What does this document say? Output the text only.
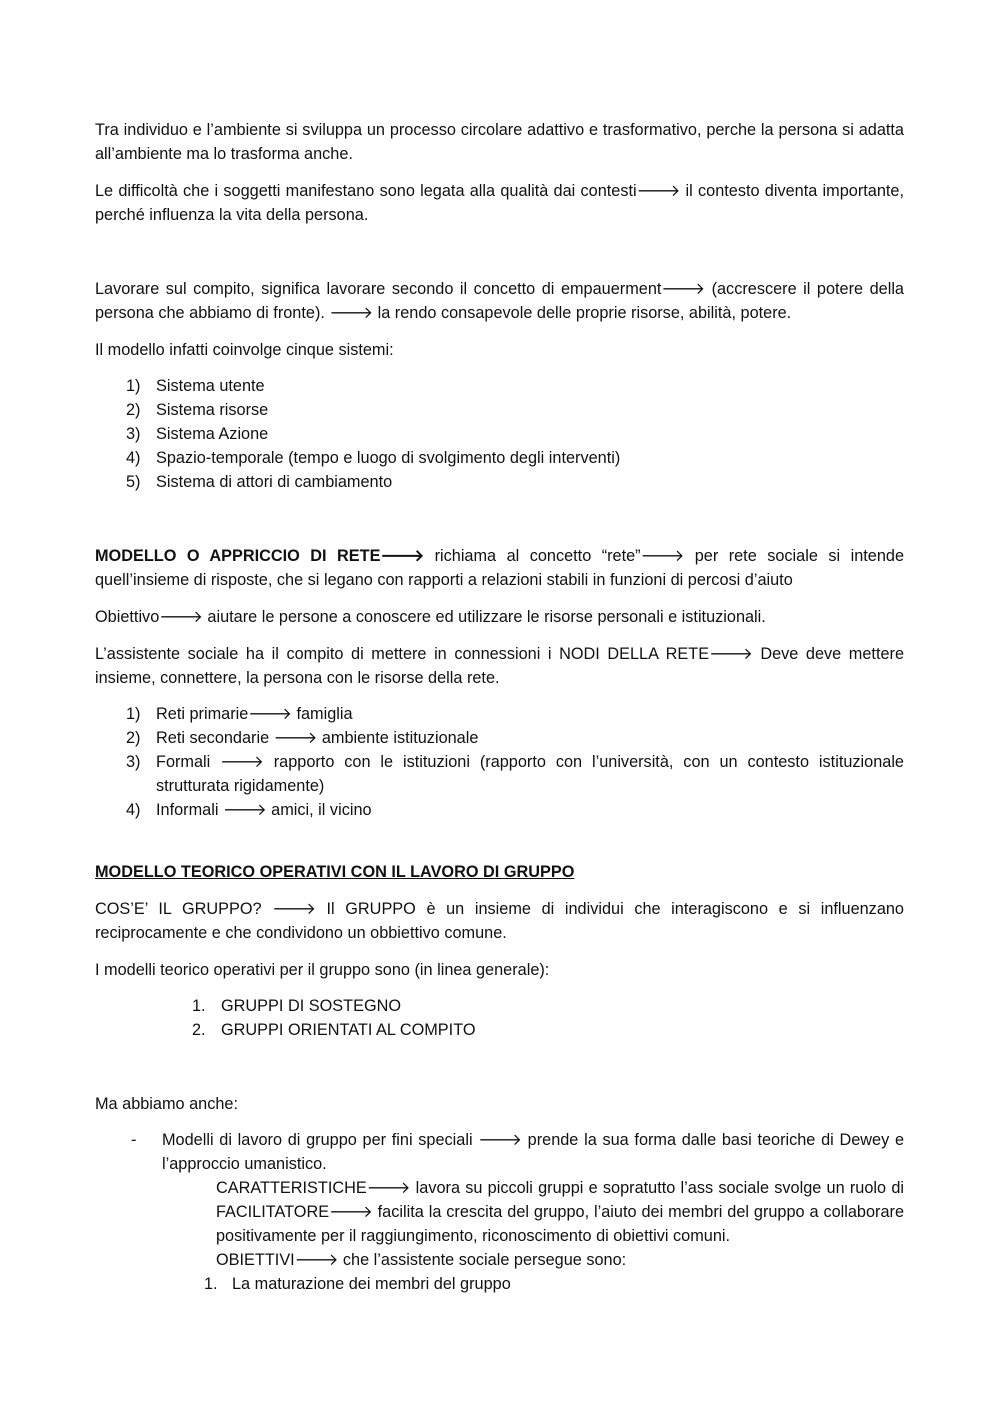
Tra individuo e l’ambiente si sviluppa un processo circolare adattivo e trasformativo, perche la persona si adatta all’ambiente ma lo trasforma anche.

Le difficoltà che i soggetti manifestano sono legata alla qualità dai contesti🡒 il contesto diventa importante, perché influenza la vita della persona.

Lavorare sul compito, significa lavorare secondo il concetto di empauerment🡒 (accrescere il potere della persona che abbiamo di fronte). 🡒 la rendo consapevole delle proprie risorse, abilità, potere.

Il modello infatti coinvolge cinque sistemi:

1) Sistema utente
2) Sistema risorse
3) Sistema Azione
4) Spazio-temporale (tempo e luogo di svolgimento degli interventi)
5) Sistema di attori di cambiamento

MODELLO O APPRICCIO DI RETE🡒 richiama al concetto “rete”🡒 per rete sociale si intende quell’insieme di risposte, che si legano con rapporti a relazioni stabili in funzioni di percosi d’aiuto

Obiettivo🡒 aiutare le persone a conoscere ed utilizzare le risorse personali e istituzionali.

L’assistente sociale ha il compito di mettere in connessioni i NODI DELLA RETE🡒 Deve deve mettere insieme, connettere, la persona con le risorse della rete.

1) Reti primarie🡒 famiglia
2) Reti secondarie 🡒 ambiente istituzionale
3) Formali 🡒 rapporto con le istituzioni (rapporto con l’università, con un contesto istituzionale strutturata rigidamente)
4) Informali 🡒 amici, il vicino

MODELLO TEORICO OPERATIVI CON IL LAVORO DI GRUPPO

COS’E’ IL GRUPPO? 🡒 Il GRUPPO è un insieme di individui che interagiscono e si influenzano reciprocamente e che condividono un obbiettivo comune.

I modelli teorico operativi per il gruppo sono (in linea generale):

1. GRUPPI DI SOSTEGNO
2. GRUPPI ORIENTATI AL COMPITO

Ma abbiamo anche:

- Modelli di lavoro di gruppo per fini speciali 🡒 prende la sua forma dalle basi teoriche di Dewey e l’approccio umanistico.

CARATTERISTICHE🡒 lavora su piccoli gruppi e sopratutto l’ass sociale svolge un ruolo di FACILITATORE🡒 facilita la crescita del gruppo, l’aiuto dei membri del gruppo a collaborare positivamente per il raggiungimento, riconoscimento di obiettivi comuni.

OBIETTIVI🡒 che l’assistente sociale persegue sono:

1. La maturazione dei membri del gruppo
